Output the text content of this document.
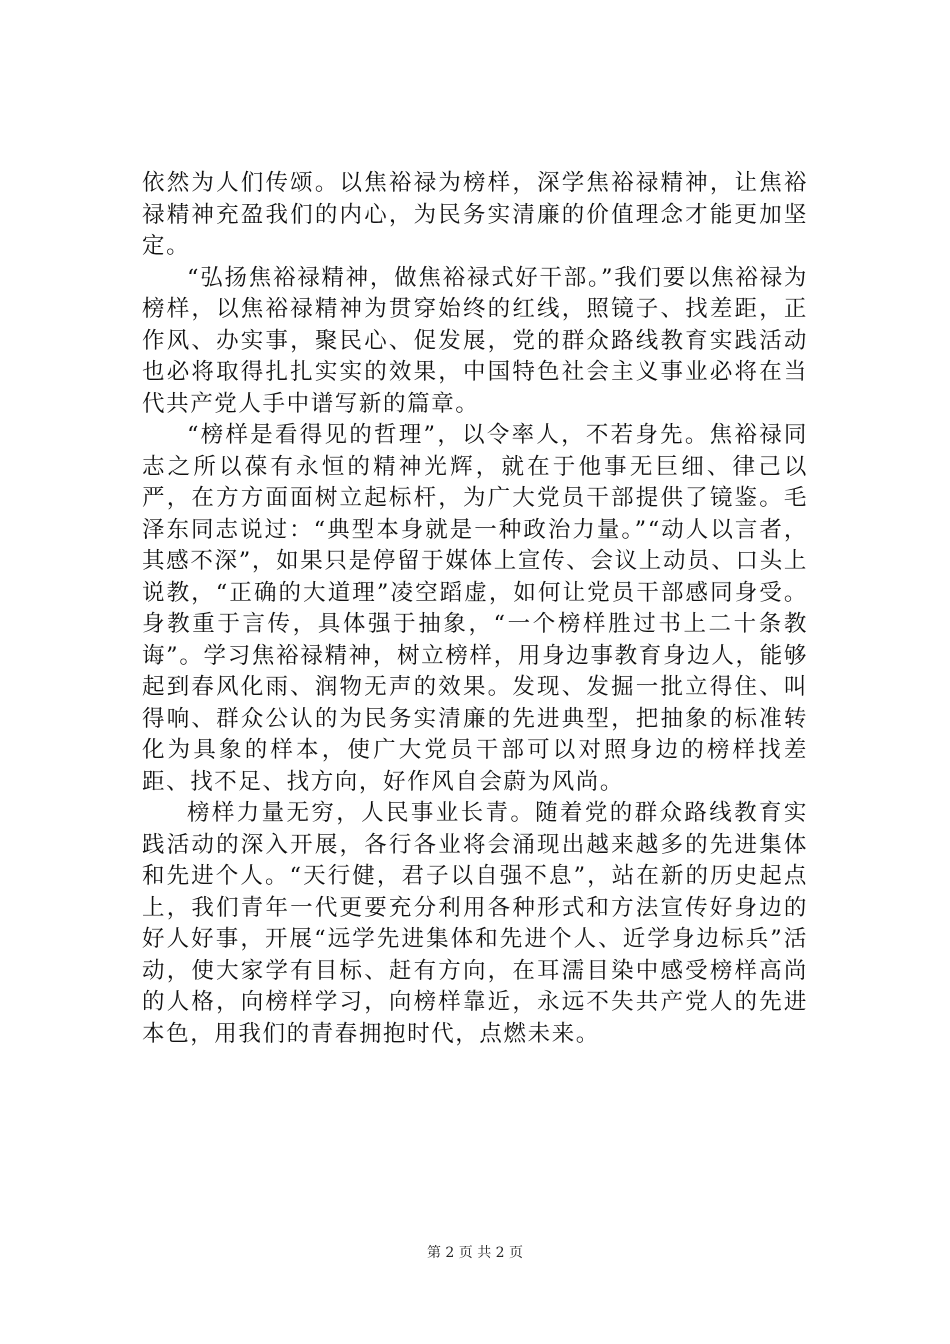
依然为人们传颂。以焦裕禄为榜样，深学焦裕禄精神，让焦裕禄精神充盈我们的内心，为民务实清廉的价值理念才能更加坚定。

“弘扬焦裕禄精神，做焦裕禄式好干部。”我们要以焦裕禄为榜样，以焦裕禄精神为贯穿始终的红线，照镜子、找差距，正作风、办实事，聚民心、促发展，党的群众路线教育实践活动也必将取得扎扎实实的效果，中国特色社会主义事业必将在当代共产党人手中谱写新的篇章。

“榜样是看得见的哲理”，以令率人，不若身先。焦裕禄同志之所以葆有永恒的精神光辉，就在于他事无巨细、律己以严，在方方面面树立起标杆，为广大党员干部提供了镜鉴。毛泽东同志说过：“典型本身就是一种政治力量。”“动人以言者，其感不深”，如果只是停留于媒体上宣传、会议上动员、口头上说教，“正确的大道理”凌空蹈虚，如何让党员干部感同身受。身教重于言传，具体强于抽象，“一个榜样胜过书上二十条教诲”。学习焦裕禄精神，树立榜样，用身边事教育身边人，能够起到春风化雨、润物无声的效果。发现、发掘一批立得住、叫得响、群众公认的为民务实清廉的先进典型，把抽象的标准转化为具象的样本，使广大党员干部可以对照身边的榜样找差距、找不足、找方向，好作风自会蔚为风尚。

榜样力量无穷，人民事业长青。随着党的群众路线教育实践活动的深入开展，各行各业将会涌现出越来越多的先进集体和先进个人。“天行健，君子以自强不息”，站在新的历史起点上，我们青年一代更要充分利用各种形式和方法宣传好身边的好人好事，开展“远学先进集体和先进个人、近学身边标兵”活动，使大家学有目标、赶有方向，在耳濡目染中感受榜样高尚的人格，向榜样学习，向榜样靠近，永远不失共产党人的先进本色，用我们的青春拥抱时代，点燃未来。

第 2 页 共 2 页
